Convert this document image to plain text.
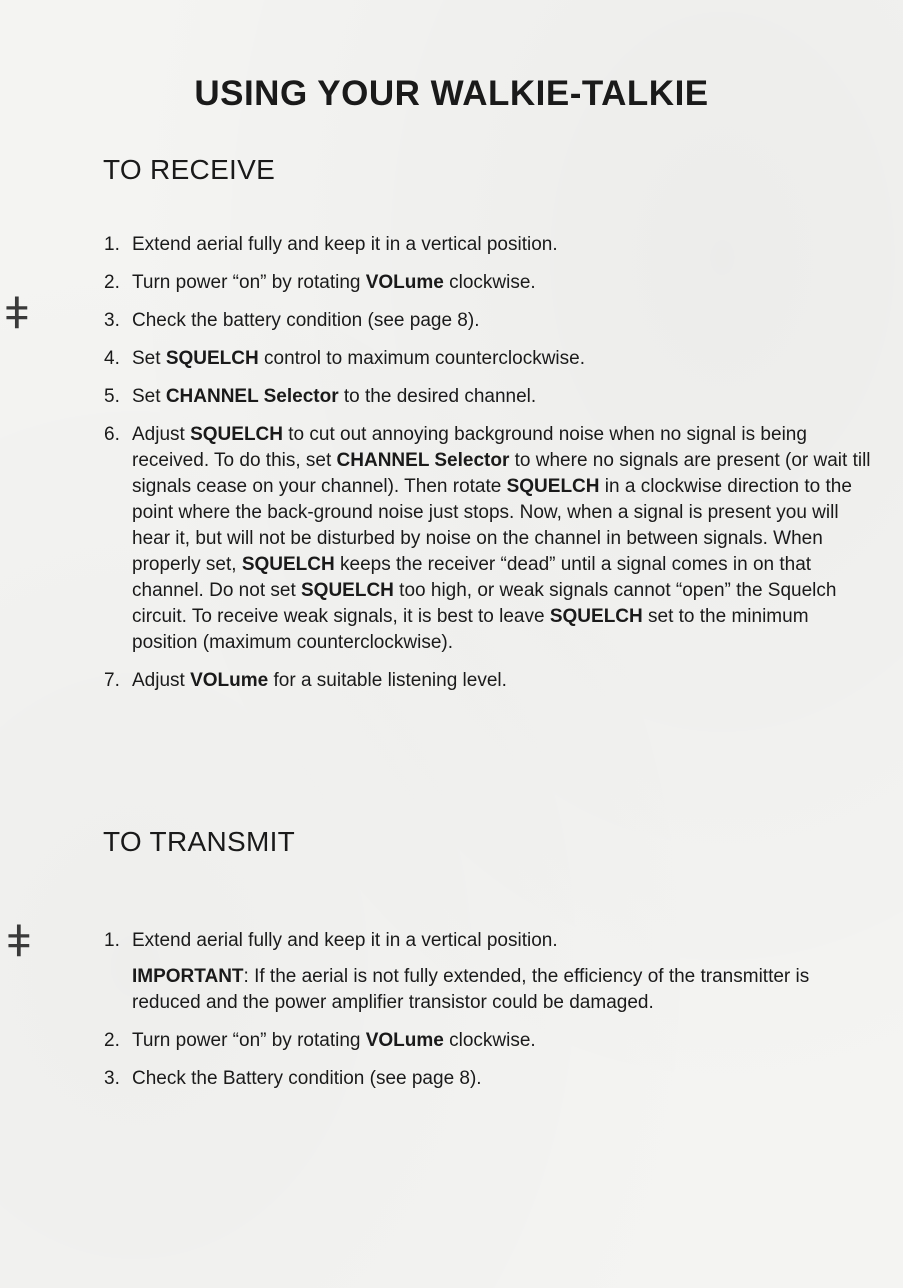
ǂ
ǂ
USING YOUR WALKIE-TALKIE
TO RECEIVE
1. Extend aerial fully and keep it in a vertical position.
2. Turn power “on” by rotating VOLume clockwise.
3. Check the battery condition (see page 8).
4. Set SQUELCH control to maximum counterclockwise.
5. Set CHANNEL Selector to the desired channel.
6. Adjust SQUELCH to cut out annoying background noise when no signal is being received. To do this, set CHANNEL Selector to where no signals are present (or wait till signals cease on your channel). Then rotate SQUELCH in a clockwise direction to the point where the back-ground noise just stops. Now, when a signal is present you will hear it, but will not be disturbed by noise on the channel in between signals. When properly set, SQUELCH keeps the receiver “dead” until a signal comes in on that channel. Do not set SQUELCH too high, or weak signals cannot “open” the Squelch circuit. To receive weak signals, it is best to leave SQUELCH set to the minimum position (maximum counterclockwise).
7. Adjust VOLume for a suitable listening level.
TO TRANSMIT
1. Extend aerial fully and keep it in a vertical position.
IMPORTANT: If the aerial is not fully extended, the efficiency of the transmitter is reduced and the power amplifier transistor could be damaged.
2. Turn power “on” by rotating VOLume clockwise.
3. Check the Battery condition (see page 8).
